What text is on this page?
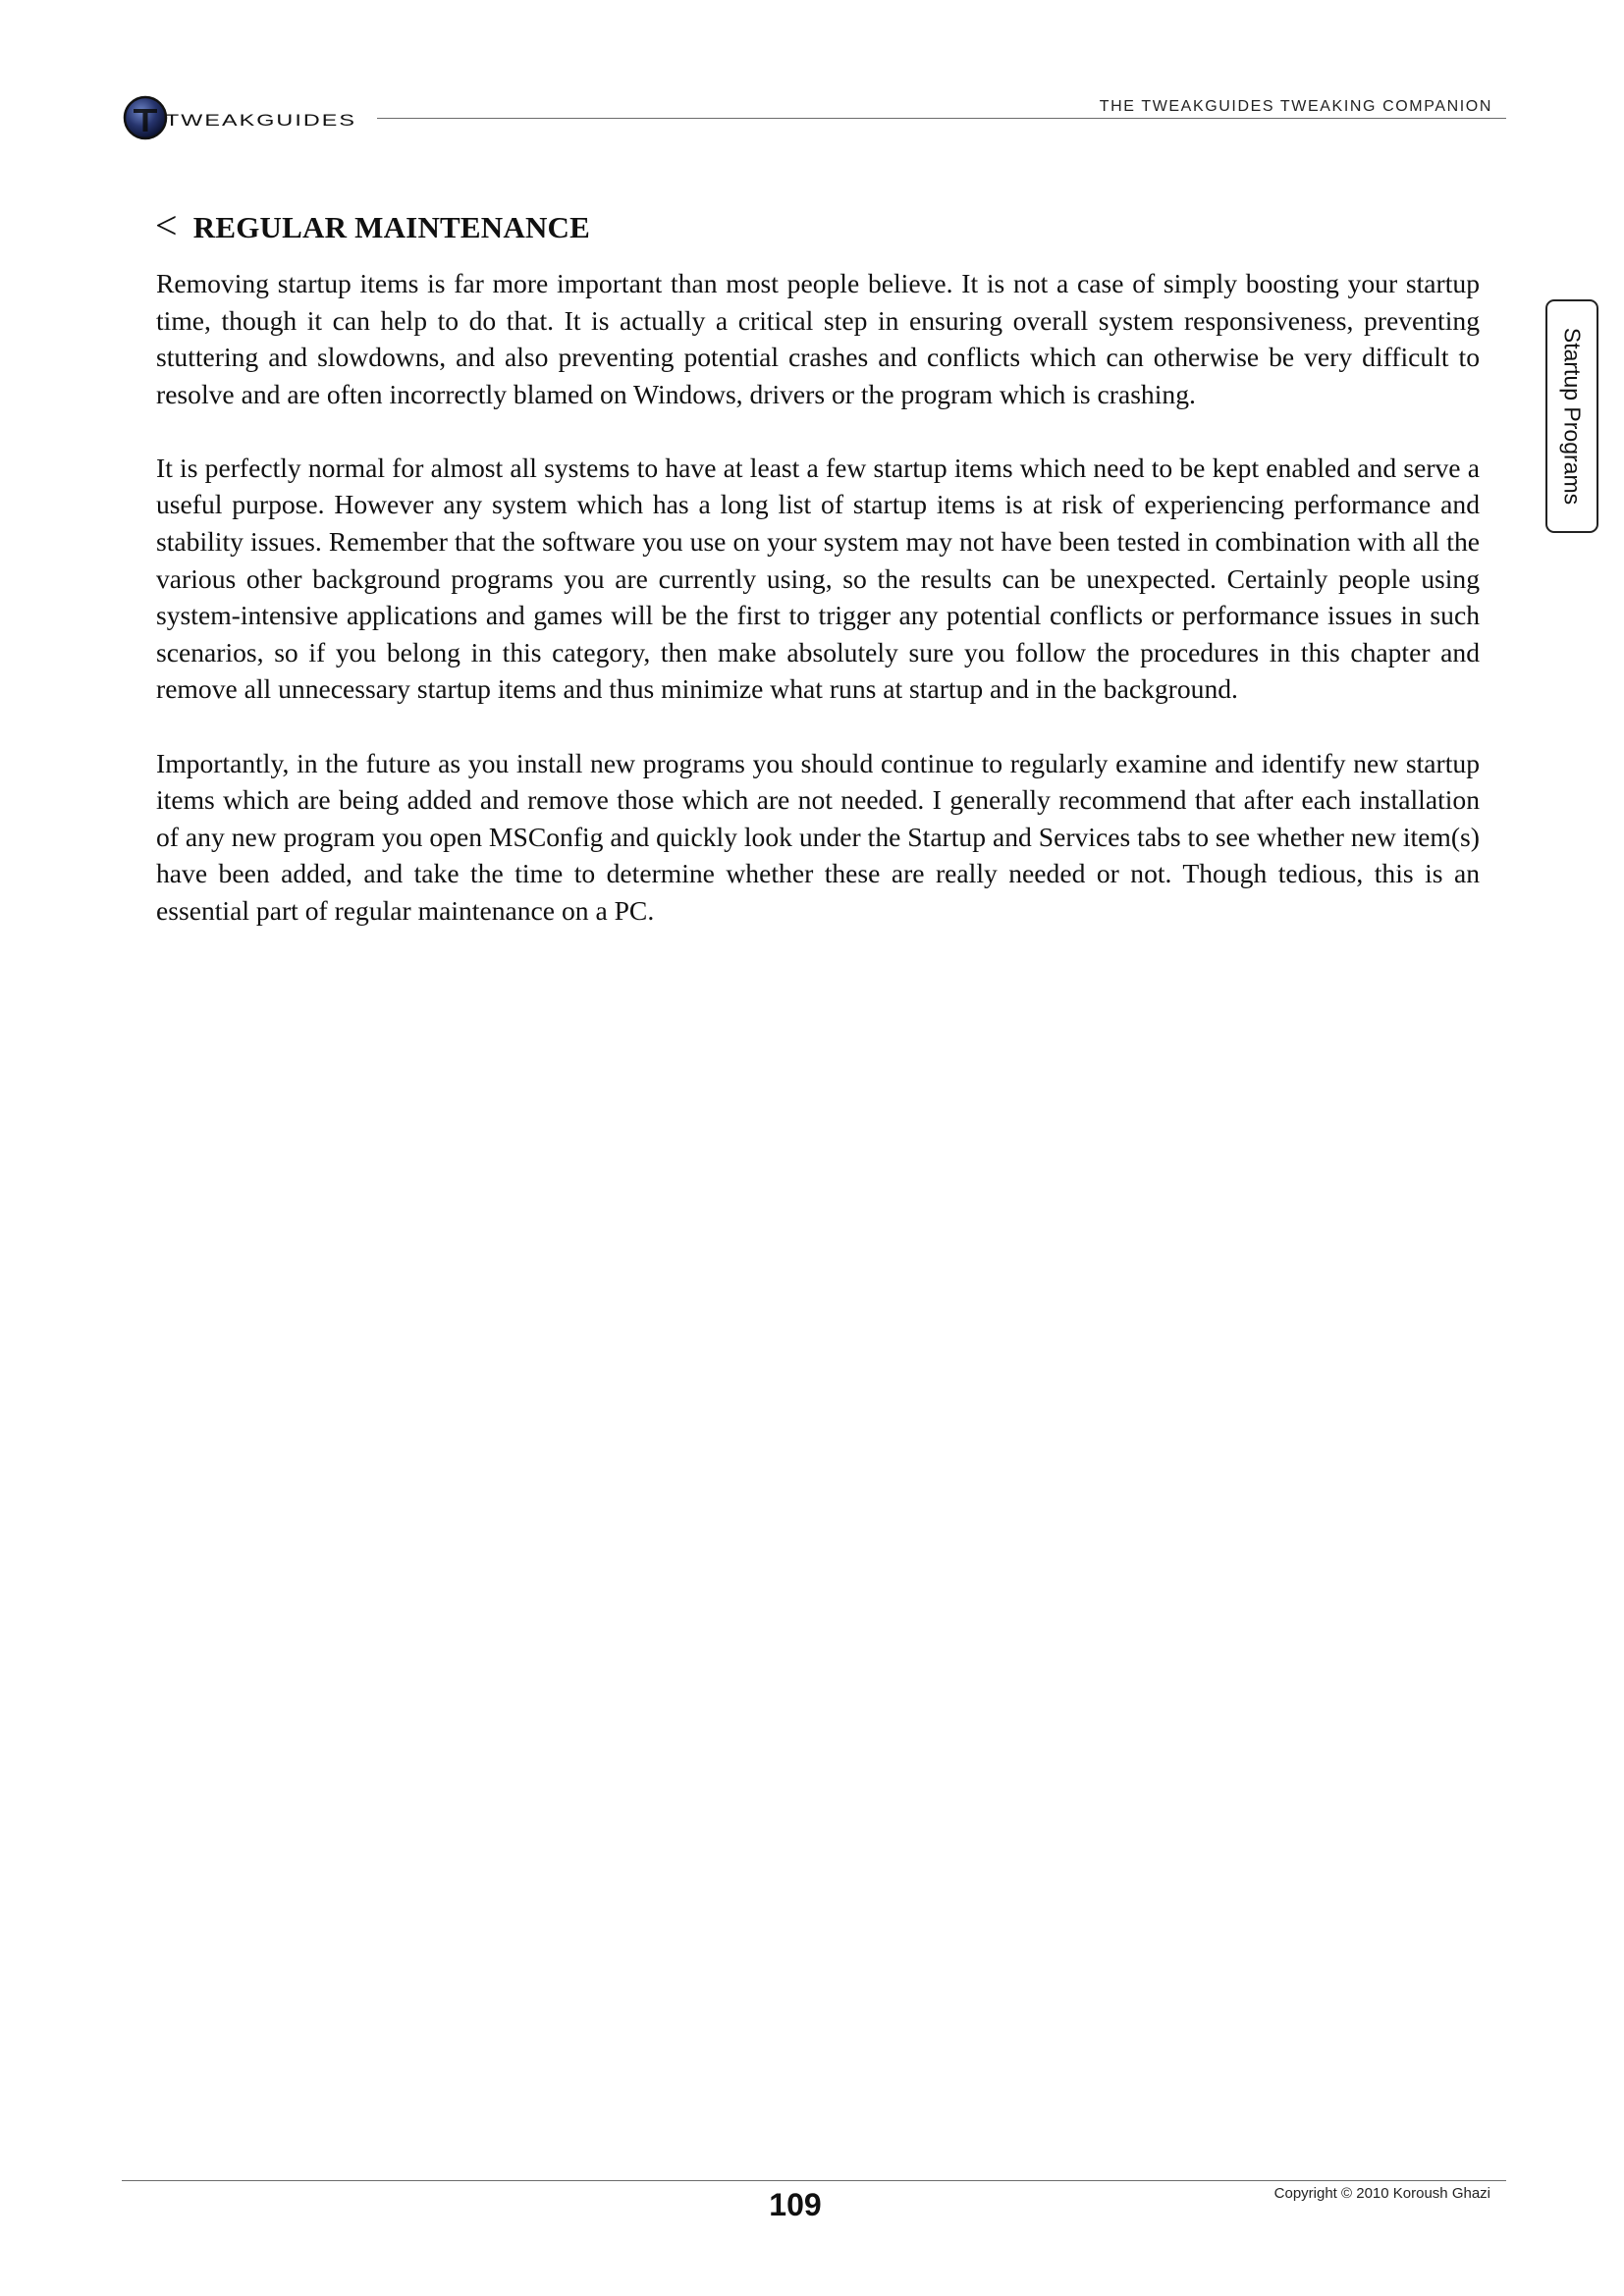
TWEAKGUIDES
THE TWEAKGUIDES TWEAKING COMPANION
Startup Programs
< REGULAR MAINTENANCE

Removing startup items is far more important than most people believe. It is not a case of simply boosting your startup time, though it can help to do that. It is actually a critical step in ensuring overall system responsiveness, preventing stuttering and slowdowns, and also preventing potential crashes and conflicts which can otherwise be very difficult to resolve and are often incorrectly blamed on Windows, drivers or the program which is crashing.

It is perfectly normal for almost all systems to have at least a few startup items which need to be kept enabled and serve a useful purpose. However any system which has a long list of startup items is at risk of experiencing performance and stability issues. Remember that the software you use on your system may not have been tested in combination with all the various other background programs you are currently using, so the results can be unexpected. Certainly people using system-intensive applications and games will be the first to trigger any potential conflicts or performance issues in such scenarios, so if you belong in this category, then make absolutely sure you follow the procedures in this chapter and remove all unnecessary startup items and thus minimize what runs at startup and in the background.

Importantly, in the future as you install new programs you should continue to regularly examine and identify new startup items which are being added and remove those which are not needed. I generally recommend that after each installation of any new program you open MSConfig and quickly look under the Startup and Services tabs to see whether new item(s) have been added, and take the time to determine whether these are really needed or not. Though tedious, this is an essential part of regular maintenance on a PC.

109	Copyright © 2010 Koroush Ghazi
